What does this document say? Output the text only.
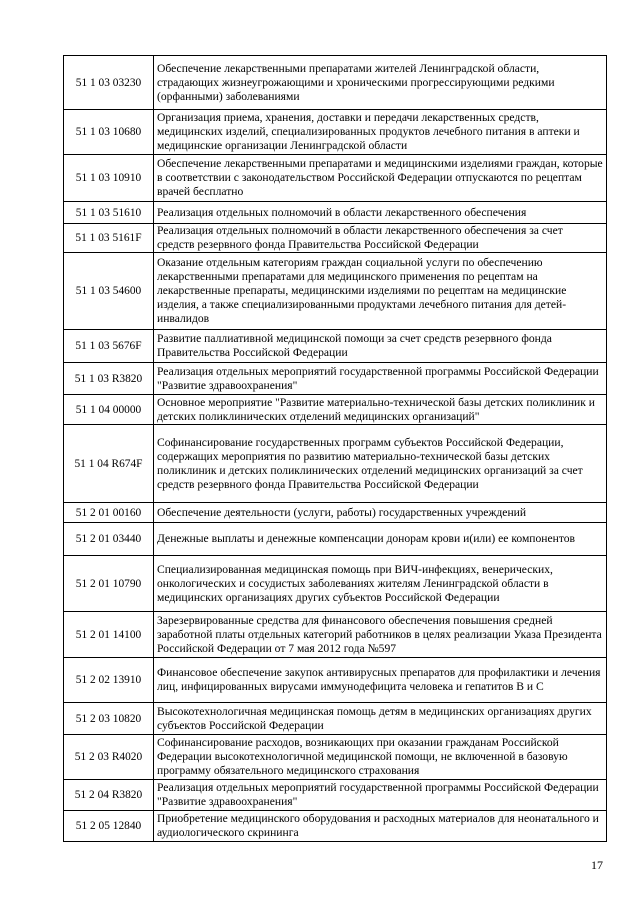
51 1 03 03230	Обеспечение лекарственными препаратами жителей Ленинградской области, страдающих жизнеугрожающими и хроническими прогрессирующими редкими (орфанными) заболеваниями
51 1 03 10680	Организация приема, хранения, доставки и передачи лекарственных средств, медицинских изделий, специализированных продуктов лечебного питания в аптеки и медицинские организации Ленинградской области
51 1 03 10910	Обеспечение лекарственными препаратами и медицинскими изделиями граждан, которые в соответствии с законодательством Российской Федерации отпускаются по рецептам врачей бесплатно
51 1 03 51610	Реализация отдельных полномочий в области лекарственного обеспечения
51 1 03 5161F	Реализация отдельных полномочий в области лекарственного обеспечения за счет средств резервного фонда Правительства Российской Федерации
51 1 03 54600	Оказание отдельным категориям граждан социальной услуги по обеспечению лекарственными препаратами для медицинского применения по рецептам на лекарственные препараты, медицинскими изделиями по рецептам на медицинские изделия, а также специализированными продуктами лечебного питания для детей-инвалидов
51 1 03 5676F	Развитие паллиативной медицинской помощи за счет средств резервного фонда Правительства Российской Федерации
51 1 03 R3820	Реализация отдельных мероприятий государственной программы Российской Федерации "Развитие здравоохранения"
51 1 04 00000	Основное мероприятие "Развитие материально-технической базы детских поликлиник и детских поликлинических отделений медицинских организаций"
51 1 04 R674F	Софинансирование государственных программ субъектов Российской Федерации, содержащих мероприятия по развитию материально-технической базы детских поликлиник и детских поликлинических отделений медицинских организаций за счет средств резервного фонда Правительства Российской Федерации
51 2 01 00160	Обеспечение деятельности (услуги, работы) государственных учреждений
51 2 01 03440	Денежные выплаты и денежные компенсации донорам крови и(или) ее компонентов
51 2 01 10790	Специализированная медицинская помощь при ВИЧ-инфекциях, венерических, онкологических и сосудистых заболеваниях жителям Ленинградской области в медицинских организациях других субъектов Российской Федерации
51 2 01 14100	Зарезервированные средства для финансового обеспечения повышения средней заработной платы отдельных категорий работников в целях реализации Указа Президента Российской Федерации от 7 мая 2012 года №597
51 2 02 13910	Финансовое обеспечение закупок антивирусных препаратов для профилактики и лечения лиц, инфицированных вирусами иммунодефицита человека и гепатитов В и С
51 2 03 10820	Высокотехнологичная медицинская помощь детям в медицинских организациях других субъектов Российской Федерации
51 2 03 R4020	Софинансирование расходов, возникающих при оказании гражданам Российской Федерации высокотехнологичной медицинской помощи, не включенной в базовую программу обязательного медицинского страхования
51 2 04 R3820	Реализация отдельных мероприятий государственной программы Российской Федерации "Развитие здравоохранения"
51 2 05 12840	Приобретение медицинского оборудования и расходных материалов для неонатального и аудиологического скрининга
17
